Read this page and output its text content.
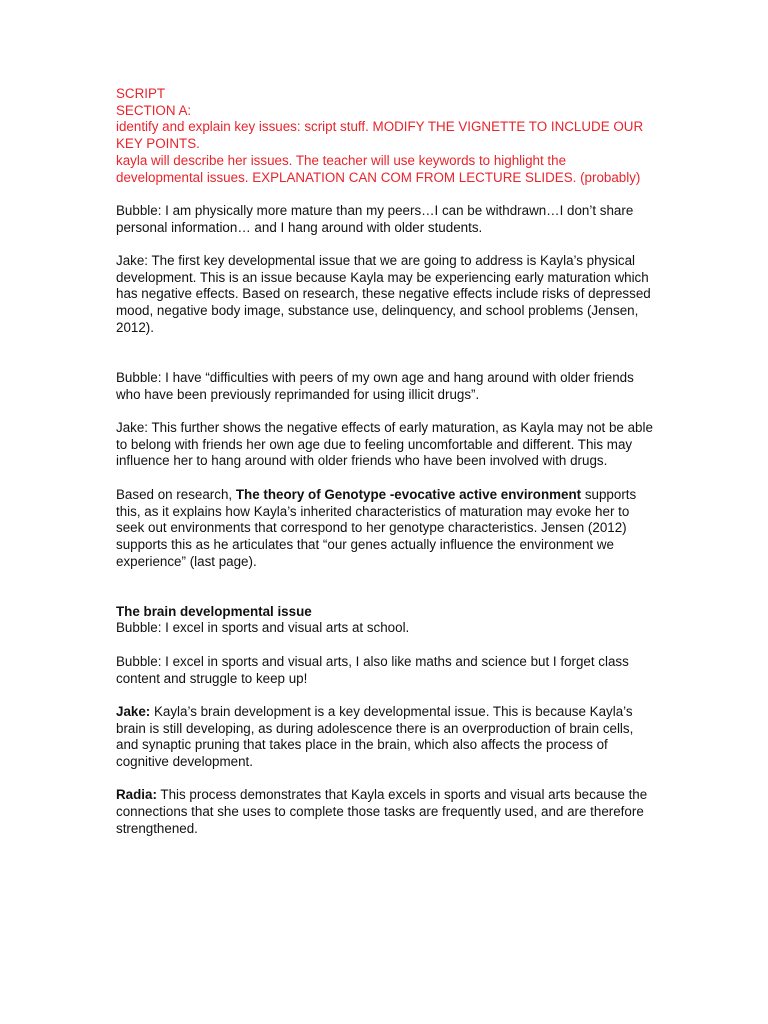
SCRIPT

SECTION A:

identify and explain key issues: script stuff. MODIFY THE VIGNETTE TO INCLUDE OUR KEY POINTS.

kayla will describe her issues. The teacher will use keywords to highlight the developmental issues. EXPLANATION CAN COM FROM LECTURE SLIDES. (probably)

Bubble: I am physically more mature than my peers…I can be withdrawn…I don’t share personal information… and I hang around with older students.

Jake: The first key developmental issue that we are going to address is Kayla’s physical development. This is an issue because Kayla may be experiencing early maturation which has negative effects. Based on research, these negative effects include risks of depressed mood, negative body image, substance use, delinquency, and school problems (Jensen, 2012).

Bubble: I have “difficulties with peers of my own age and hang around with older friends who have been previously reprimanded for using illicit drugs”.

Jake: This further shows the negative effects of early maturation, as Kayla may not be able to belong with friends her own age due to feeling uncomfortable and different. This may influence her to hang around with older friends who have been involved with drugs.

Based on research, The theory of Genotype -evocative active environment supports this, as it explains how Kayla’s inherited characteristics of maturation may evoke her to seek out environments that correspond to her genotype characteristics. Jensen (2012) supports this as he articulates that “our genes actually influence the environment we experience” (last page).

The brain developmental issue

Bubble: I excel in sports and visual arts at school.

Bubble: I excel in sports and visual arts, I also like maths and science but I forget class content and struggle to keep up!

Jake: Kayla’s brain development is a key developmental issue. This is because Kayla’s brain is still developing, as during adolescence there is an overproduction of brain cells, and synaptic pruning that takes place in the brain, which also affects the process of cognitive development.

Radia: This process demonstrates that Kayla excels in sports and visual arts because the connections that she uses to complete those tasks are frequently used, and are therefore strengthened.
